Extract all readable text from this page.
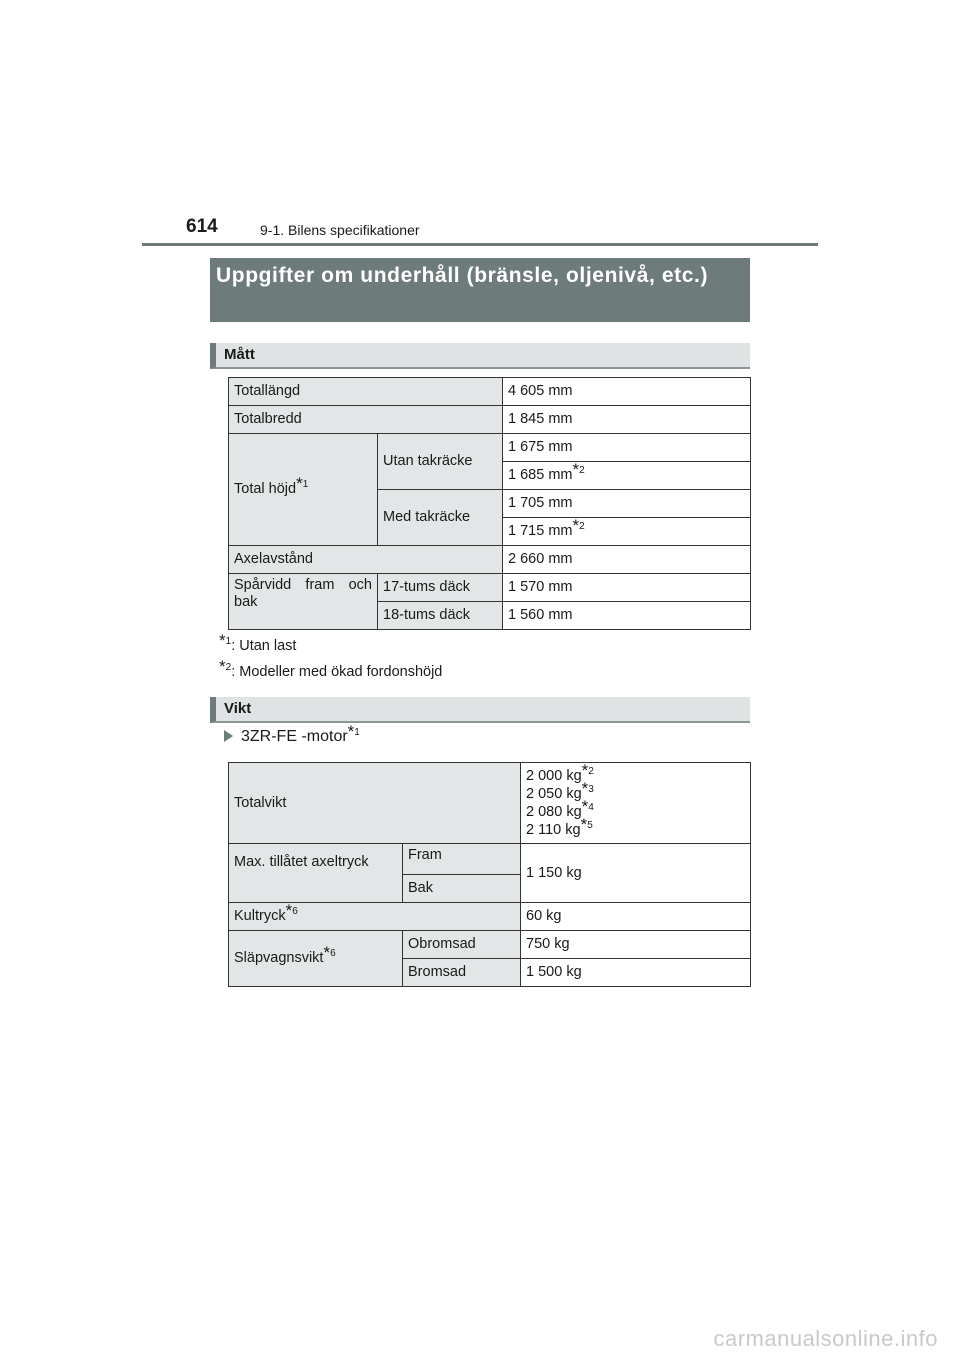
614	9-1. Bilens specifikationer
Uppgifter om underhåll (bränsle, oljenivå, etc.)
Mått
Totallängd		4 605 mm
Totalbredd		1 845 mm
Total höjd$^{*1}$	Utan takräcke	1 675 mm
		1 685 $mm^{*2}$
	Med takräcke	1 705 mm
		1 715 $mm^{*2}$
Axelavstånd		2 660 mm
Spårvidd fram och bak	17-tums däck	1 570 mm
	18-tums däck	1 560 mm
$^{*1}$: Utan last
$^{*2}$: Modeller med ökad fordonshöjd
Vikt
3ZR-FE -motor$^{*1}$
Totalvikt		2 000 $kg^{*2}$
2 050 $kg^{*3}$
2 080 $kg^{*4}$
2 110 $kg^{*5}$

Max. tillåtet axeltryck	Fram	1 150 kg
	Bak	
Kultryck$^{*6}$		60 kg
Släpvagnsvikt$^{*6}$	Obromsad	750 kg
	Bromsad	1 500 kg
carmanualsonline.info
